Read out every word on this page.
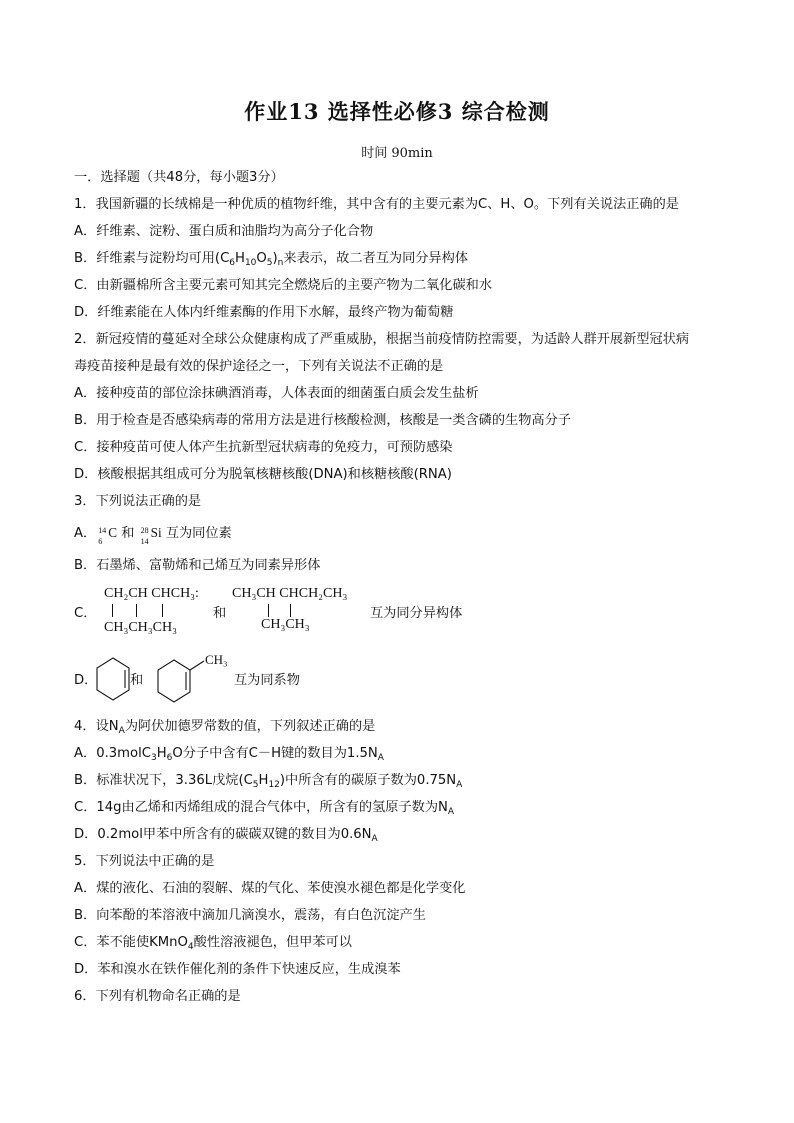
作业13 选择性必修3 综合检测
时间 90min
一．选择题（共48分，每小题3分）
1．我国新疆的长绒棉是一种优质的植物纤维，其中含有的主要元素为C、H、O。下列有关说法正确的是
A．纤维素、淀粉、蛋白质和油脂均为高分子化合物
B．纤维素与淀粉均可用$(C_6H_{10}O_5)_n$来表示，故二者互为同分异构体
C．由新疆棉所含主要元素可知其完全燃烧后的主要产物为二氧化碳和水
D．纤维素能在人体内纤维素酶的作用下水解，最终产物为葡萄糖
2．新冠疫情的蔓延对全球公众健康构成了严重威胁，根据当前疫情防控需要，为适龄人群开展新型冠状病
毒疫苗接种是最有效的保护途径之一，下列有关说法不正确的是
A．接种疫苗的部位涂抹碘酒消毒，人体表面的细菌蛋白质会发生盐析
B．用于检查是否感染病毒的常用方法是进行核酸检测，核酸是一类含磷的生物高分子
C．接种疫苗可使人体产生抗新型冠状病毒的免疫力，可预防感染
D．核酸根据其组成可分为脱氧核糖核酸(DNA)和核糖核酸(RNA)
3．下列说法正确的是
A． 14
6
C 和 28
14
Si 互为同位素
B．石墨烯、富勒烯和己烯互为同素异形体
C．
CH₂CH CHCH₃:
CH₃CH₃CH₃
和
CH₃CH CHCH₂CH₃
CH₃CH₃
互为同分异构体
D． 和
CH₃
互为同系物
4．设$N_A$为阿伏加德罗常数的值，下列叙述正确的是
A．$0.3molC_3H_6O$分子中含有C－H键的数目为$1.5N_A$
B．标准状况下，3.36L戊烷$(C_5H_{12})$中所含有的碳原子数为$0.75N_A$
C．14g由乙烯和丙烯组成的混合气体中，所含有的氢原子数为$N_A$
D．0.2mol甲苯中所含有的碳碳双键的数目为$0.6N_A$
5．下列说法中正确的是
A．煤的液化、石油的裂解、煤的气化、苯使溴水褪色都是化学变化
B．向苯酚的苯溶液中滴加几滴溴水，震荡，有白色沉淀产生
C．苯不能使KMnO$_4$酸性溶液褪色，但甲苯可以
D．苯和溴水在铁作催化剂的条件下快速反应，生成溴苯
6．下列有机物命名正确的是
